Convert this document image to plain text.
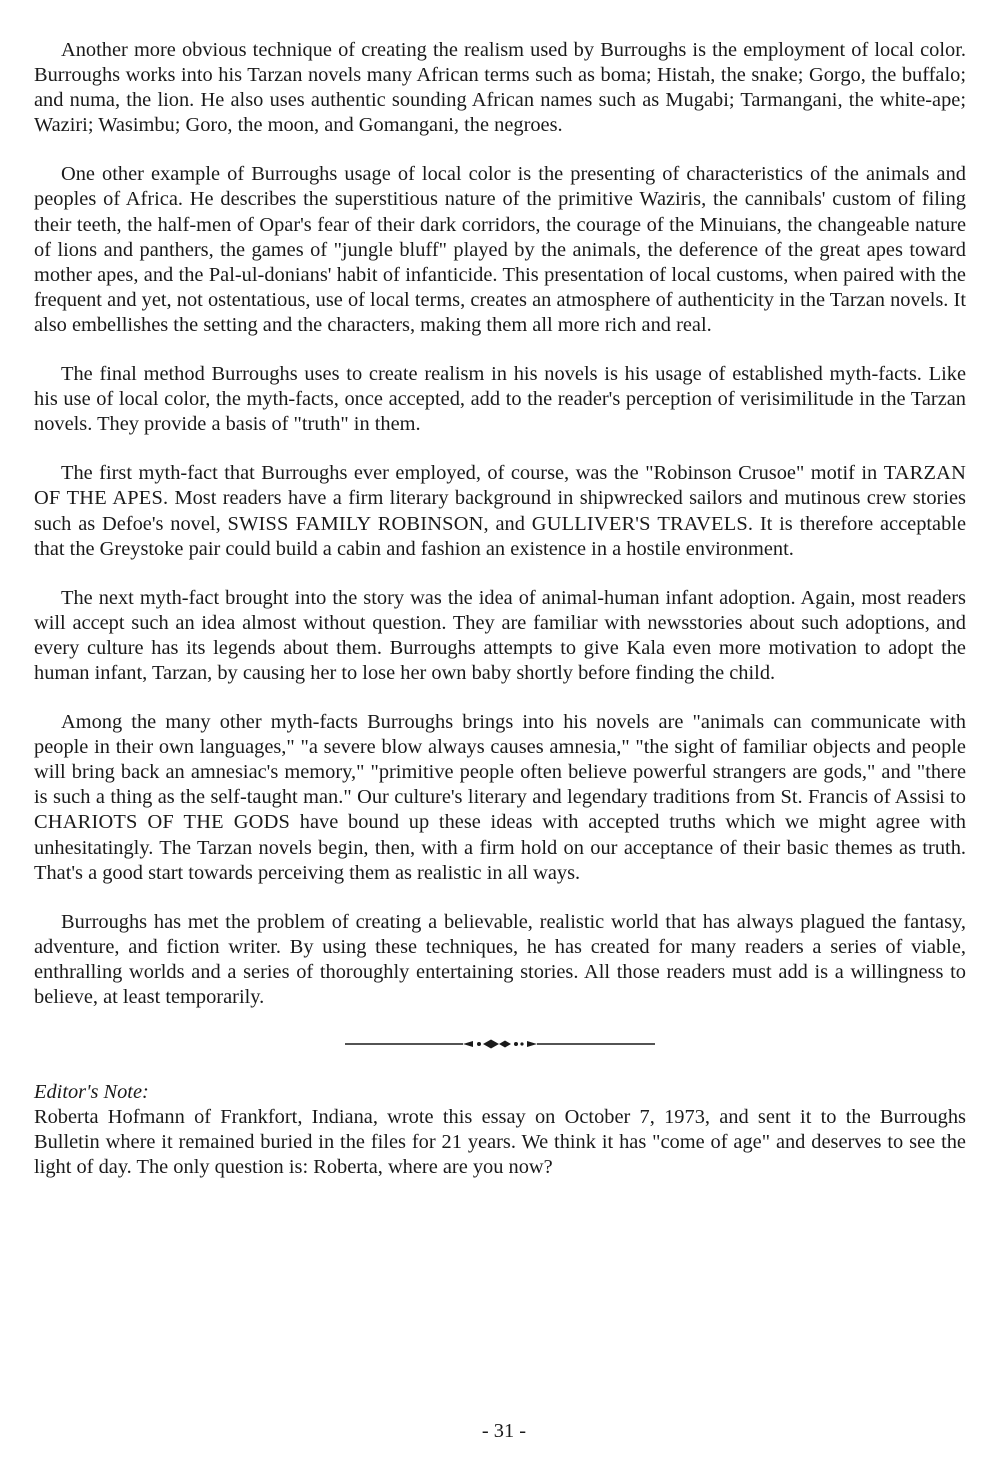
Another more obvious technique of creating the realism used by Burroughs is the employment of local color. Burroughs works into his Tarzan novels many African terms such as boma; Histah, the snake; Gorgo, the buffalo; and numa, the lion. He also uses authentic sounding African names such as Mugabi; Tarmangani, the white-ape; Waziri; Wasimbu; Goro, the moon, and Gomangani, the negroes.

One other example of Burroughs usage of local color is the presenting of characteristics of the animals and peoples of Africa. He describes the superstitious nature of the primitive Waziris, the cannibals' custom of filing their teeth, the half-men of Opar's fear of their dark corridors, the courage of the Minuians, the changeable nature of lions and panthers, the games of "jungle bluff" played by the animals, the deference of the great apes toward mother apes, and the Pal-ul-donians' habit of infanticide. This presentation of local customs, when paired with the frequent and yet, not ostentatious, use of local terms, creates an atmosphere of authenticity in the Tarzan novels. It also embellishes the setting and the characters, making them all more rich and real.

The final method Burroughs uses to create realism in his novels is his usage of established myth-facts. Like his use of local color, the myth-facts, once accepted, add to the reader's perception of verisimilitude in the Tarzan novels. They provide a basis of "truth" in them.

The first myth-fact that Burroughs ever employed, of course, was the "Robinson Crusoe" motif in TARZAN OF THE APES. Most readers have a firm literary background in shipwrecked sailors and mutinous crew stories such as Defoe's novel, SWISS FAMILY ROBINSON, and GULLIVER'S TRAVELS. It is therefore acceptable that the Greystoke pair could build a cabin and fashion an existence in a hostile environment.

The next myth-fact brought into the story was the idea of animal-human infant adoption. Again, most readers will accept such an idea almost without question. They are familiar with newsstories about such adoptions, and every culture has its legends about them. Burroughs attempts to give Kala even more motivation to adopt the human infant, Tarzan, by causing her to lose her own baby shortly before finding the child.

Among the many other myth-facts Burroughs brings into his novels are "animals can communicate with people in their own languages," "a severe blow always causes amnesia," "the sight of familiar objects and people will bring back an amnesiac's memory," "primitive people often believe powerful strangers are gods," and "there is such a thing as the self-taught man." Our culture's literary and legendary traditions from St. Francis of Assisi to CHARIOTS OF THE GODS have bound up these ideas with accepted truths which we might agree with unhesitatingly. The Tarzan novels begin, then, with a firm hold on our acceptance of their basic themes as truth. That's a good start towards perceiving them as realistic in all ways.

Burroughs has met the problem of creating a believable, realistic world that has always plagued the fantasy, adventure, and fiction writer. By using these techniques, he has created for many readers a series of viable, enthralling worlds and a series of thoroughly entertaining stories. All those readers must add is a willingness to believe, at least temporarily.

Editor's Note:

Roberta Hofmann of Frankfort, Indiana, wrote this essay on October 7, 1973, and sent it to the Burroughs Bulletin where it remained buried in the files for 21 years. We think it has "come of age" and deserves to see the light of day. The only question is: Roberta, where are you now?

- 31 -
